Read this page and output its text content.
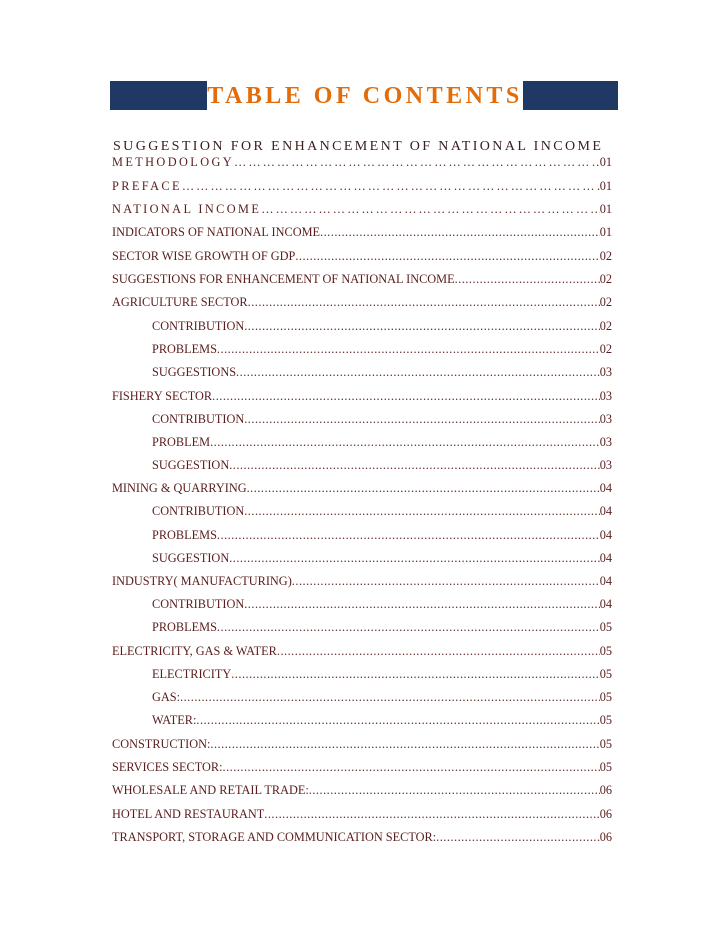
TABLE OF CONTENTS
SUGGESTION FOR ENHANCEMENT OF NATIONAL INCOME
METHODOLOGY ………………………………………………………………………………………………………………………………………………………………………	01
PREFACE ………………………………………………………………………………………………………………………………………………………………………	01
NATIONAL INCOME ………………………………………………………………………………………………………………………………………………………………………	01
INDICATORS OF NATIONAL INCOME .....	01
SECTOR WISE GROWTH OF GDP .....	02
SUGGESTIONS FOR ENHANCEMENT OF NATIONAL INCOME .....	02
AGRICULTURE SECTOR .....	02
CONTRIBUTION .....	02
PROBLEMS .....	02
SUGGESTIONS .....	03
FISHERY SECTOR .....	03
CONTRIBUTION .....	03
PROBLEM .....	03
SUGGESTION .....	03
MINING & QUARRYING .....	04
CONTRIBUTION .....	04
PROBLEMS .....	04
SUGGESTION .....	04
INDUSTRY( MANUFACTURING) .....	04
CONTRIBUTION .....	04
PROBLEMS .....	05
ELECTRICITY, GAS & WATER .....	05
ELECTRICITY .....	05
GAS: .....	05
WATER: .....	05
CONSTRUCTION: .....	05
SERVICES SECTOR: .....	05
WHOLESALE AND RETAIL TRADE: .....	06
HOTEL AND RESTAURANT .....	06
TRANSPORT, STORAGE AND COMMUNICATION SECTOR: .....	06
